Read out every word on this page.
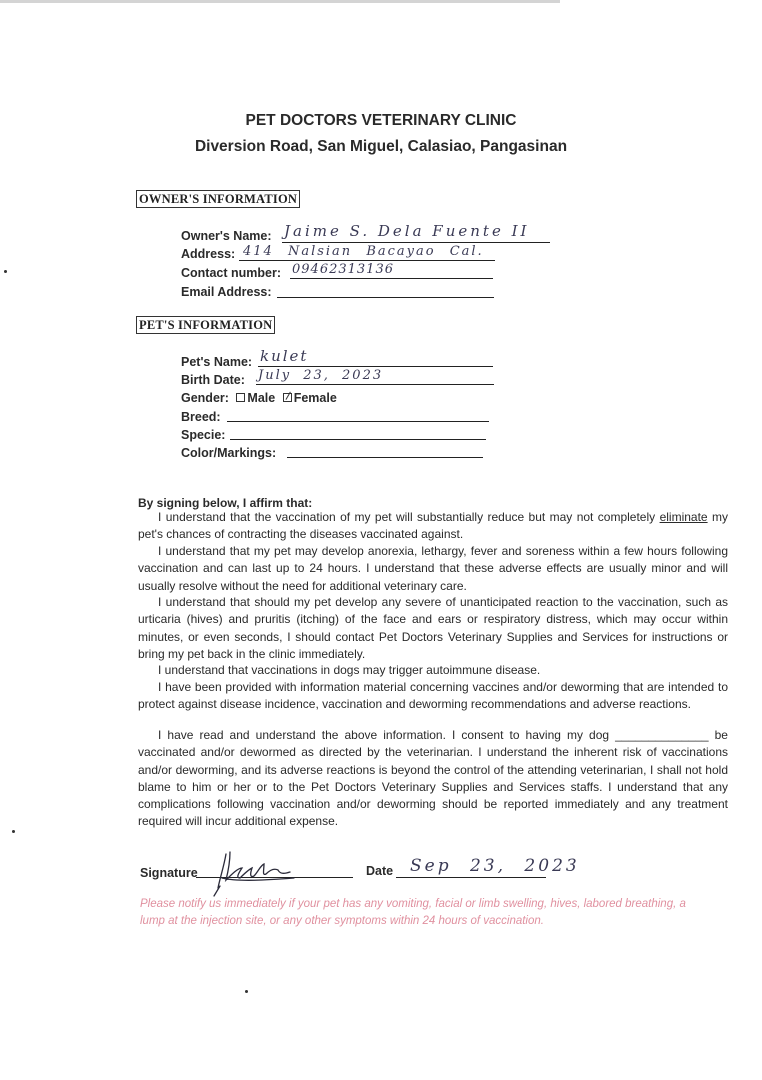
PET DOCTORS VETERINARY CLINIC
Diversion Road, San Miguel, Calasiao, Pangasinan
OWNER'S INFORMATION
Owner's Name: Jaime S. Dela Fuente II
Address: 414 Nalsian Bacayao Cal.
Contact number: 09462313136
Email Address:
PET'S INFORMATION
Pet's Name: kulet
Birth Date: July 23, 2023
Gender: Male Female
Breed:
Specie:
Color/Markings:
By signing below, I affirm that:
I understand that the vaccination of my pet will substantially reduce but may not completely eliminate my pet's chances of contracting the diseases vaccinated against.
I understand that my pet may develop anorexia, lethargy, fever and soreness within a few hours following vaccination and can last up to 24 hours. I understand that these adverse effects are usually minor and will usually resolve without the need for additional veterinary care.
I understand that should my pet develop any severe of unanticipated reaction to the vaccination, such as urticaria (hives) and pruritis (itching) of the face and ears or respiratory distress, which may occur within minutes, or even seconds, I should contact Pet Doctors Veterinary Supplies and Services for instructions or bring my pet back in the clinic immediately.
I understand that vaccinations in dogs may trigger autoimmune disease.
I have been provided with information material concerning vaccines and/or deworming that are intended to protect against disease incidence, vaccination and deworming recommendations and adverse reactions.
I have read and understand the above information. I consent to having my dog ______________ be vaccinated and/or dewormed as directed by the veterinarian. I understand the inherent risk of vaccinations and/or deworming, and its adverse reactions is beyond the control of the attending veterinarian, I shall not hold blame to him or her or to the Pet Doctors Veterinary Supplies and Services staffs. I understand that any complications following vaccination and/or deworming should be reported immediately and any treatment required will incur additional expense.
Signature	Date Sep 23, 2023
Please notify us immediately if your pet has any vomiting, facial or limb swelling, hives, labored breathing, a lump at the injection site, or any other symptoms within 24 hours of vaccination.
